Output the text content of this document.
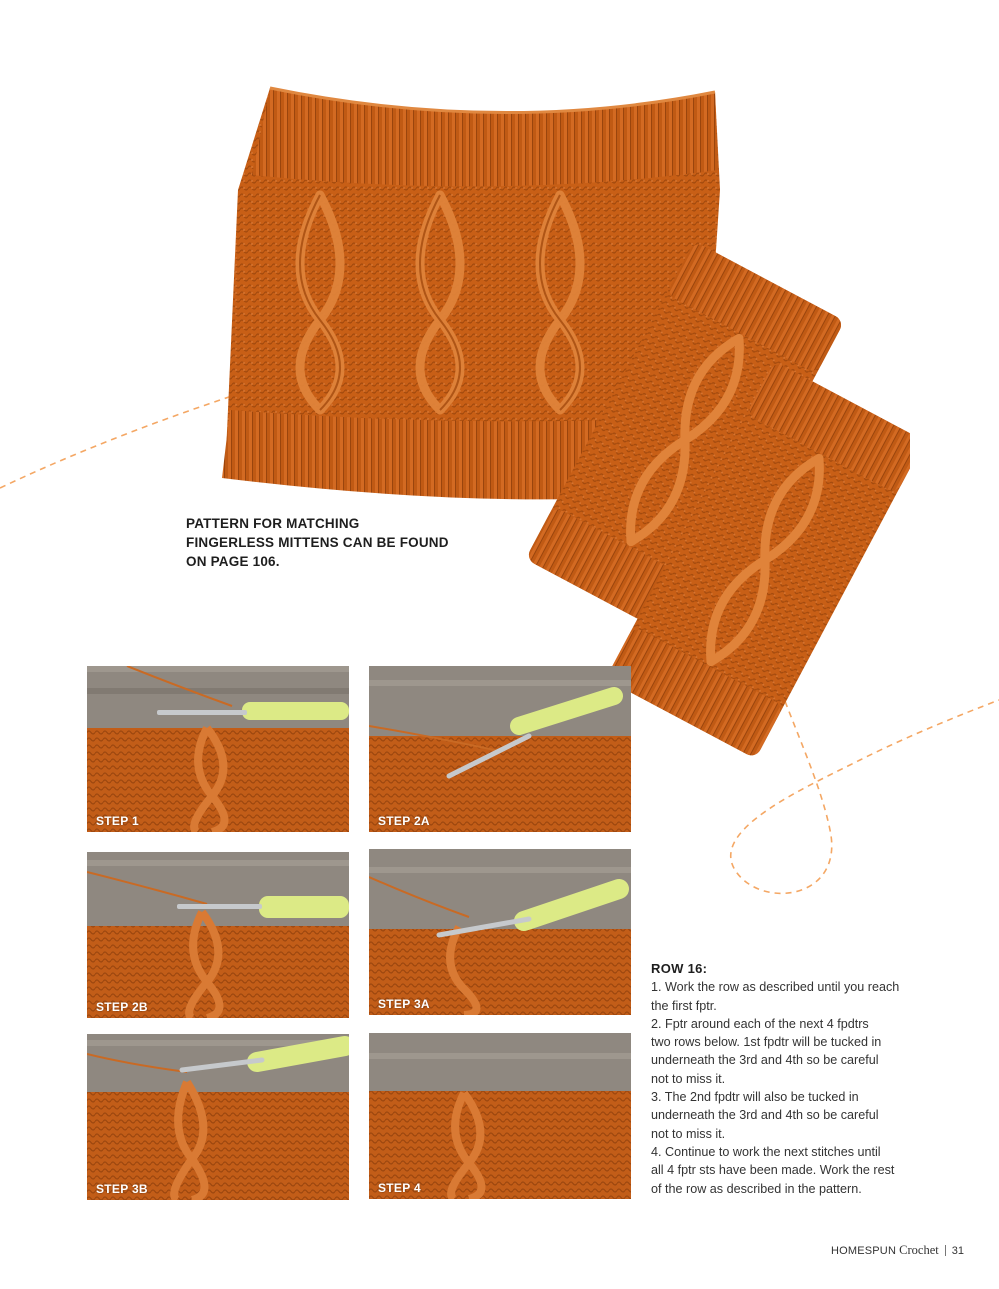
PATTERN FOR MATCHING
FINGERLESS MITTENS CAN BE FOUND
ON PAGE 106.

STEP 1	STEP 2A
STEP 2B	STEP 3A
STEP 3B	STEP 4
ROW 16:

1. Work the row as described until you reach

the first fptr.

2. Fptr around each of the next 4 fpdtrs

two rows below. 1st fpdtr will be tucked in

underneath the 3rd and 4th so be careful

not to miss it.

3. The 2nd fpdtr will also be tucked in

underneath the 3rd and 4th so be careful

not to miss it.

4. Continue to work the next stitches until

all 4 fptr sts have been made. Work the rest

of the row as described in the pattern.

HOMESPUN Crochet 31
